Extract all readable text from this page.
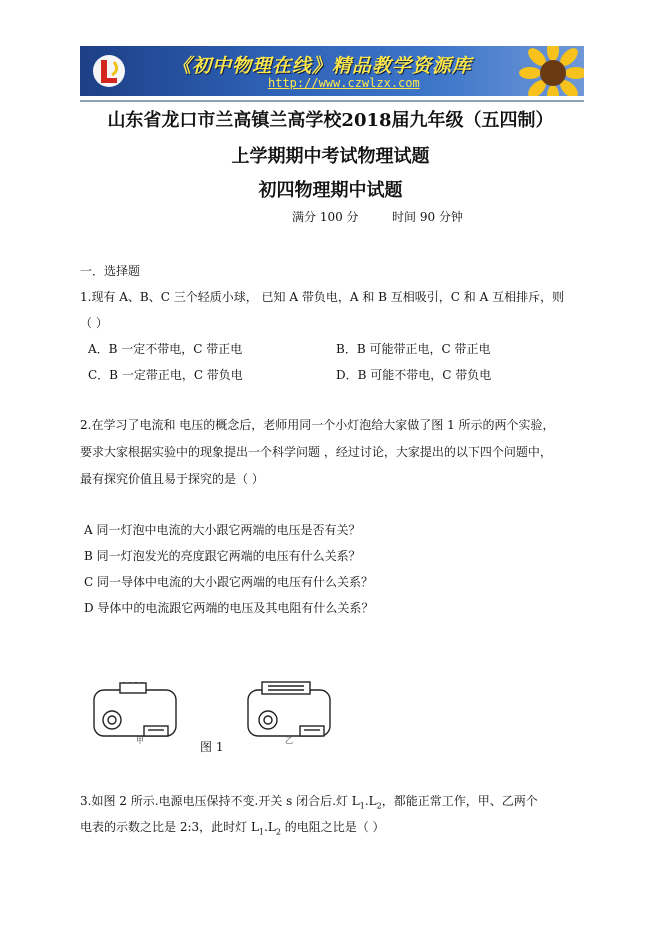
《初中物理在线》精品教学资源库
http://www.czwlzx.com
山东省龙口市兰高镇兰高学校2018届九年级（五四制）
上学期期中考试物理试题
初四物理期中试题
满分 100 分	时间 90 分钟
一．选择题
1.现有 A、B、C 三个轻质小球， 已知 A 带负电，A 和 B 互相吸引，C 和 A 互相排斥，则
（ ）
A．B 一定不带电，C 带正电	B．B 可能带正电，C 带正电
C．B 一定带正电，C 带负电	D．B 可能不带电，C 带负电
2.在学习了电流和 电压的概念后，老师用同一个小灯泡给大家做了图 1 所示的两个实验，
要求大家根据实验中的现象提出一个科学问题 ，经过讨论，大家提出的以下四个问题中，
最有探究价值且易于探究的是（ ）
A 同一灯泡中电流的大小跟它两端的电压是否有关？
B 同一灯泡发光的亮度跟它两端的电压有什么关系？
C 同一导体中电流的大小跟它两端的电压有什么关系？
D 导体中的电流跟它两端的电压及其电阻有什么关系？
甲	乙
图 1
3.如图 2 所示.电源电压保持不变.开关 s 闭合后.灯 $L_1.L_2$，都能正常工作，甲、乙两个
电表的示数之比是 2:3，此时灯 $L_1.L_2$ 的电阻之比是（ ）
